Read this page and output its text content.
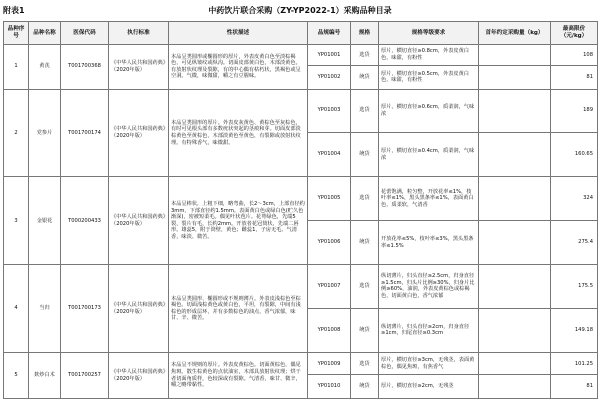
附表1	中药饮片联合采购（ZY-YP2022-1）采购品种目录
品种序号	品种名称	医保代码	执行标准	性状描述	品规编号	规格	规格等级要求	首年约定采购量（kg）	最高限价（元/kg）
1	黄芪	T001700368	《中华人民共和国药典》（2020年版）	本品呈类圆形或椭圆形的厚片，外表皮黄白色至淡棕褐色，可见纵皱纹或纵沟。切面皮部黄白色，木部淡黄色，有放射状纹理及裂隙，有的中心偶有枯朽状，黑褐色或呈空洞。气微，味微甜，嚼之有豆腥味。	YP01001	选货	厚片，横切直径≥0.8cm，外表皮黄白色，味甜，有粉性		108
					YP01002	统货	厚片，横切直径≥0.5cm，外表皮黄白色，味甜，有粉性		81
2	党参片	T001700174	《中华人民共和国药典》（2020年版）	本品呈类圆形的厚片。外表皮灰黄色、黄棕色至灰棕色，有时可见根头部有多数疣状突起的茎痕和芽。切面皮部淡棕黄色至黄棕色，木部淡黄色至黄色，有裂隙或放射状纹理。有特殊香气，味微甜。	YP01003	选货	厚片，横切直径≥0.6cm，质柔润，气味浓		189
					YP01004	统货	厚片，横切直径≥0.4cm，质柔润，气味浓		160.65
3	金银花	T000200433	《中华人民共和国药典》（2020年版）	本品呈棒状，上粗下细，略弯曲，长2～3cm，上部直径约3mm，下部直径约1.5mm。表面黄白色或绿白色(贮久色渐深)，密被短柔毛。偶见叶状苞片。花萼绿色，先端5裂，裂片有毛，长约2mm。开放者花冠筒状，先端二唇形。雄蕊5，附于筒壁，黄色；雌蕊1，子房无毛。气清香，味淡、微苦。	YP01005	选货	花蕾饱满，粒匀整，开放花率≤1%，枝叶率≤1%，黑头黑条率≤1%，表面黄白色，质柔软，气清香		324
					YP01006	统货	开放花率≤5%，枝叶率≤3%，黑头黑条率≤1.5%		275.4
4	当归	T001700173	《中华人民共和国药典》（2020年版）	本品呈类圆形、椭圆形或不规则薄片。外表皮浅棕色至棕褐色。切面浅棕黄色或黄白色，平坦，有裂隙，中间有浅棕色的形成层环，并有多数棕色的油点，香气浓郁，味甘、辛、微苦。	YP01007	选货	纵切薄片，归头直径≥2.5cm，归身直径≥1.5cm，归头片比例≥30%，归身片比例≥60%，油润，外表皮黄棕色或棕褐色，切面黄白色，香气浓郁		175.5
					YP01008	统货	纵切薄片，归头直径≥2cm，归身直径≥1cm，归尾直径≥0.3cm		149.18
5	麸炒白术	T001700257	《中华人民共和国药典》（2020年版）	本品呈不规则的厚片。外表皮黄棕色。切面黄棕色，偶见焦斑。散生棕黄色的点状油室，木部具放射状纹理；烘干者切面角质样，色较深或有裂隙。气清香，味甘、微辛，嚼之略带黏性。	YP01009	选货	厚片，横切直径≥3cm，无残茎，表面黄棕色，偶见焦斑，有焦香气		101.25
					YP01010	统货	厚片，横切直径≥2cm，无残茎		81
